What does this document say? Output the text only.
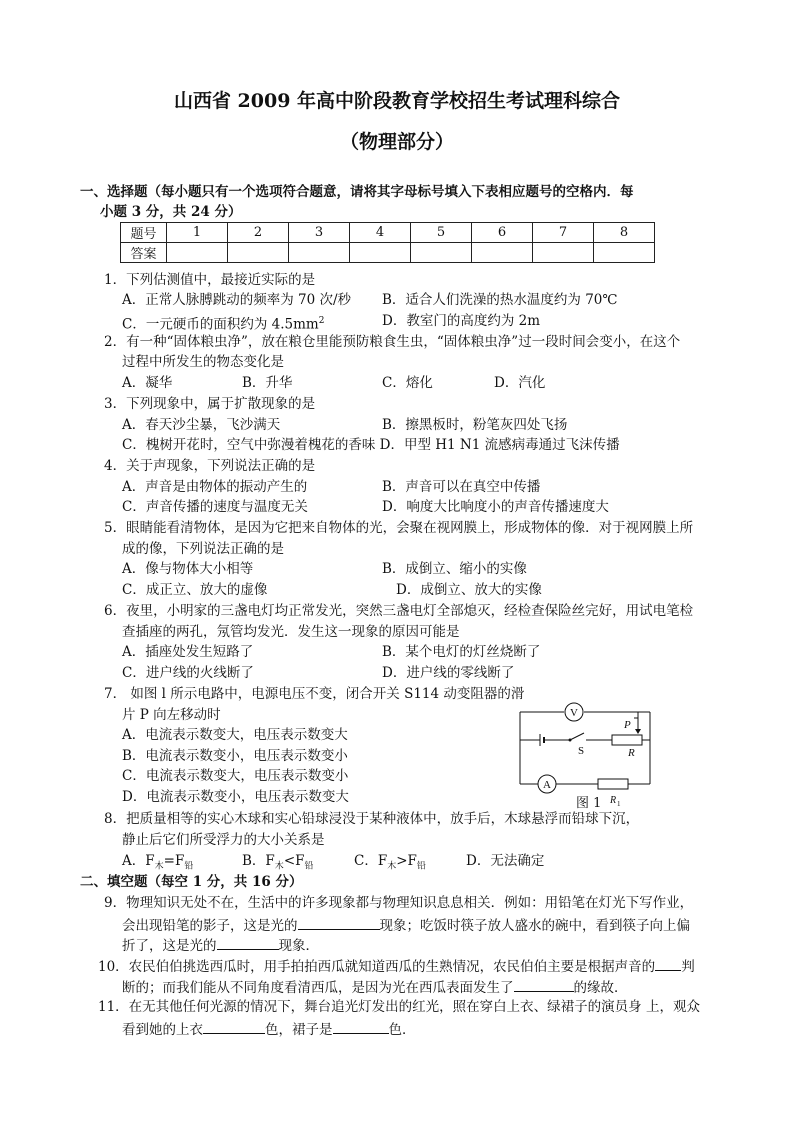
山西省 2009 年高中阶段教育学校招生考试理科综合
（物理部分）
一、选择题（每小题只有一个选项符合题意，请将其字母标号填入下表相应题号的空格内．每
小题 3 分，共 24 分）
题号	1	2	3	4	5	6	7	8
答案								
1．下列估测值中，最接近实际的是
A．正常人脉膊跳动的频率为 70 次/秒 B．适合人们洗澡的热水温度约为 70℃
C．一元硬币的面积约为 $4.5mm^2$	D．教室门的高度约为 2m
2．有一种“固体粮虫净”，放在粮仓里能预防粮食生虫，“固体粮虫净”过一段时间会变小，在这个
过程中所发生的物态变化是
A．凝华	B．升华	C．熔化	D．汽化
3．下列现象中，属于扩散现象的是
A．春天沙尘暴，飞沙满天	B．擦黑板时，粉笔灰四处飞扬
C．槐树开花时，空气中弥漫着槐花的香味 D．甲型 H1 N1 流感病毒通过飞沫传播
4．关于声现象，下列说法正确的是
A．声音是由物体的振动产生的	B．声音可以在真空中传播
C．声音传播的速度与温度无关	D．响度大比响度小的声音传播速度大
5．眼睛能看清物体，是因为它把来自物体的光，会聚在视网膜上，形成物体的像．对于视网膜上所
成的像，下列说法正确的是
A．像与物体大小相等	B．成倒立、缩小的实像
C．成正立、放大的虚像	D．成倒立、放大的实像
6．夜里，小明家的三盏电灯均正常发光，突然三盏电灯全部熄灭，经检查保险丝完好，用试电笔检
查插座的两孔，氖管均发光．发生这一现象的原因可能是
A．插座处发生短路了	B．某个电灯的灯丝烧断了
C．进户线的火线断了	D．进户线的零线断了
7． 如图 l 所示电路中，电源电压不变，闭合开关 S114 动变阻器的滑
片 P 向左移动时
A．电流表示数变大，电压表示数变大
B．电流表示数变小，电压表示数变小
C．电流表示数变大，电压表示数变小
D．电流表示数变小，电压表示数变大
V
A
S
P
R
R 1
图 1
8．把质量相等的实心木球和实心铅球浸没于某种液体中，放手后，木球悬浮而铅球下沉，
静止后它们所受浮力的大小关系是
A．$F_木=F_铅$	B．$F_木<F_铅$	C．$F_木>F_铅$	D．无法确定
二、填空题（每空 1 分，共 16 分）
9．物理知识无处不在，生活中的许多现象都与物理知识息息相关．例如：用铅笔在灯光下写作业，
会出现铅笔的影子，这是光的	现象；吃饭时筷子放人盛水的碗中，看到筷子向上偏
折了，这是光的	现象．
10．农民伯伯挑选西瓜时，用手拍拍西瓜就知道西瓜的生熟情况，农民伯伯主要是根据声音的 判
断的；而我们能从不同角度看清西瓜，是因为光在西瓜表面发生了	的缘故．
11．在无其他任何光源的情况下，舞台追光灯发出的红光，照在穿白上衣、绿裙子的演员身 上，观众
看到她的上衣	色，裙子是	色．
